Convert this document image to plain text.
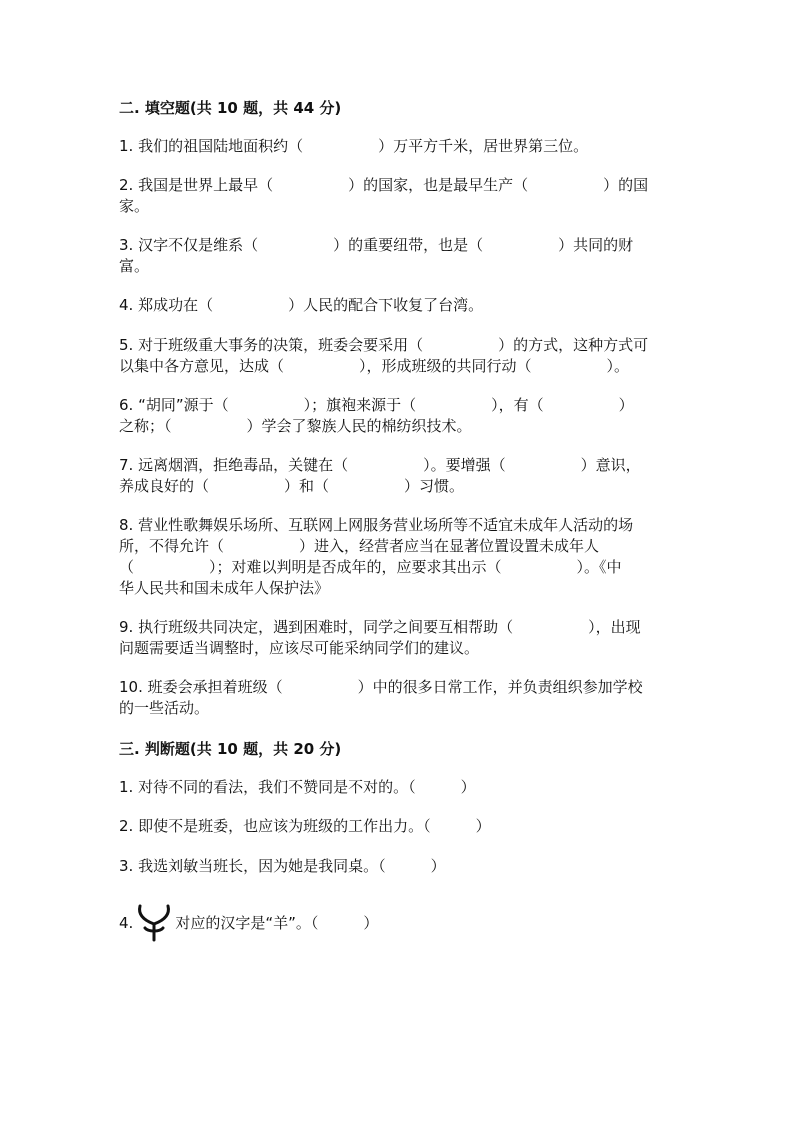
二. 填空题(共 10 题，共 44 分)

1. 我们的祖国陆地面积约（　　　　　）万平方千米，居世界第三位。

2. 我国是世界上最早（　　　　　）的国家，也是最早生产（　　　　　）的国

家。

3. 汉字不仅是维系（　　　　　）的重要纽带，也是（　　　　　）共同的财

富。

4. 郑成功在（　　　　　）人民的配合下收复了台湾。

5. 对于班级重大事务的决策，班委会要采用（　　　　　）的方式，这种方式可

以集中各方意见，达成（　　　　　），形成班级的共同行动（　　　　　）。

6. “胡同”源于（　　　　　）；旗袍来源于（　　　　　），有（　　　　　）

之称；（　　　　　）学会了黎族人民的棉纺织技术。

7. 远离烟酒，拒绝毒品，关键在（　　　　　）。要增强（　　　　　）意识，

养成良好的（　　　　　）和（　　　　　）习惯。

8. 营业性歌舞娱乐场所、互联网上网服务营业场所等不适宜未成年人活动的场

所，不得允许（　　　　　）进入，经营者应当在显著位置设置未成年人

（　　　　　）；对难以判明是否成年的，应要求其出示（　　　　　）。《中

华人民共和国未成年人保护法》

9. 执行班级共同决定，遇到困难时，同学之间要互相帮助（　　　　　），出现

问题需要适当调整时，应该尽可能采纳同学们的建议。

10. 班委会承担着班级（　　　　　）中的很多日常工作，并负责组织参加学校

的一些活动。

三. 判断题(共 10 题，共 20 分)

1. 对待不同的看法，我们不赞同是不对的。（　　　）

2. 即使不是班委，也应该为班级的工作出力。（　　　）

3. 我选刘敏当班长，因为她是我同桌。（　　　）

4.	对应的汉字是“羊”。（　　　）
